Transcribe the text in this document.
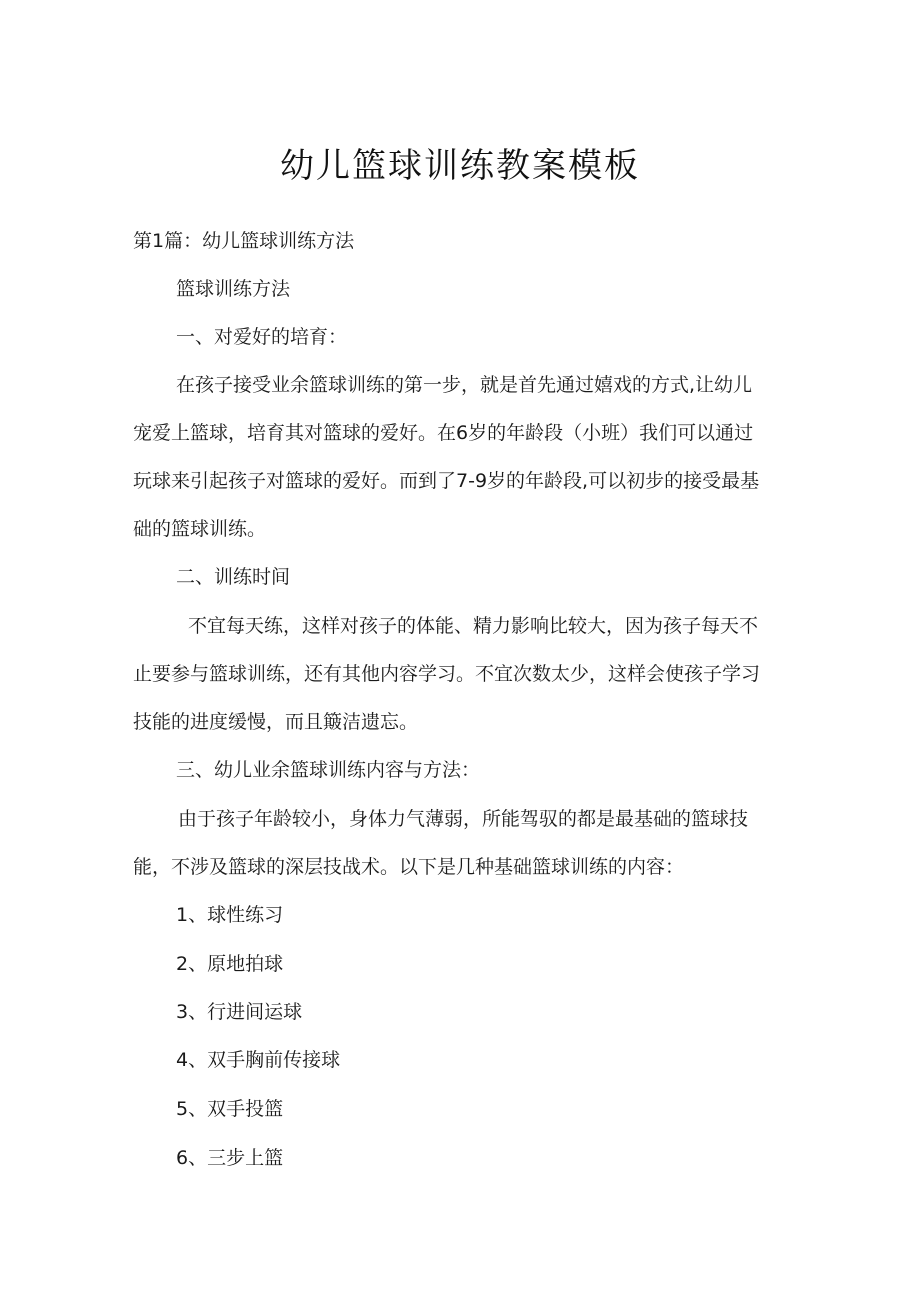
幼儿篮球训练教案模板

第1篇：幼儿篮球训练方法

篮球训练方法

一、对爱好的培育：

在孩子接受业余篮球训练的第一步，就是首先通过嬉戏的方式,让幼儿
宠爱上篮球，培育其对篮球的爱好。在6岁的年龄段（小班）我们可以通过
玩球来引起孩子对篮球的爱好。而到了7-9岁的年龄段,可以初步的接受最基
础的篮球训练。

二、训练时间

不宜每天练，这样对孩子的体能、精力影响比较大，因为孩子每天不
止要参与篮球训练，还有其他内容学习。不宜次数太少，这样会使孩子学习
技能的进度缓慢，而且簸洁遗忘。

三、幼儿业余篮球训练内容与方法：

由于孩子年龄较小，身体力气薄弱，所能驾驭的都是最基础的篮球技
能，不涉及篮球的深层技战术。以下是几种基础篮球训练的内容：

1、球性练习

2、原地拍球

3、行进间运球

4、双手胸前传接球

5、双手投篮

6、三步上篮
